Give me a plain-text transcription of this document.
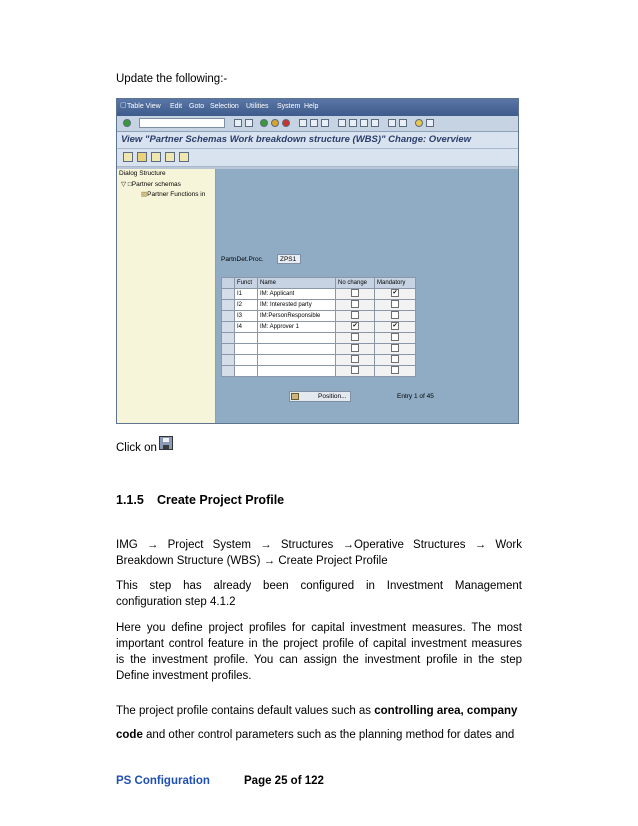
Update the following:-
▢ Table View Edit Goto Selection Utilities System Help
View "Partner Schemas Work breakdown structure (WBS)" Change: Overview
Dialog Structure
▽ □Partner schemas
▧Partner Functions in
PartnDet.Proc.	ZPS1
	Funct	Name	No change	Mandatory
	I1	IM: Applicant		✔
	I2	IM: Interested party		
	I3	IM:PersonResponsible		
	I4	IM: Approver 1	✔	✔

Position...	Entry 1 of 45
Click on
1.1.5 Create Project Profile
IMG → Project System → Structures →Operative Structures → Work
Breakdown Structure (WBS) → Create Project Profile
This step has already been configured in Investment Management
configuration step 4.1.2
Here you define project profiles for capital investment measures. The most
important control feature in the project profile of capital investment measures
is the investment profile. You can assign the investment profile in the step
Define investment profiles.
The project profile contains default values such as controlling area, company
code and other control parameters such as the planning method for dates and
PS Configuration	Page 25 of 122
